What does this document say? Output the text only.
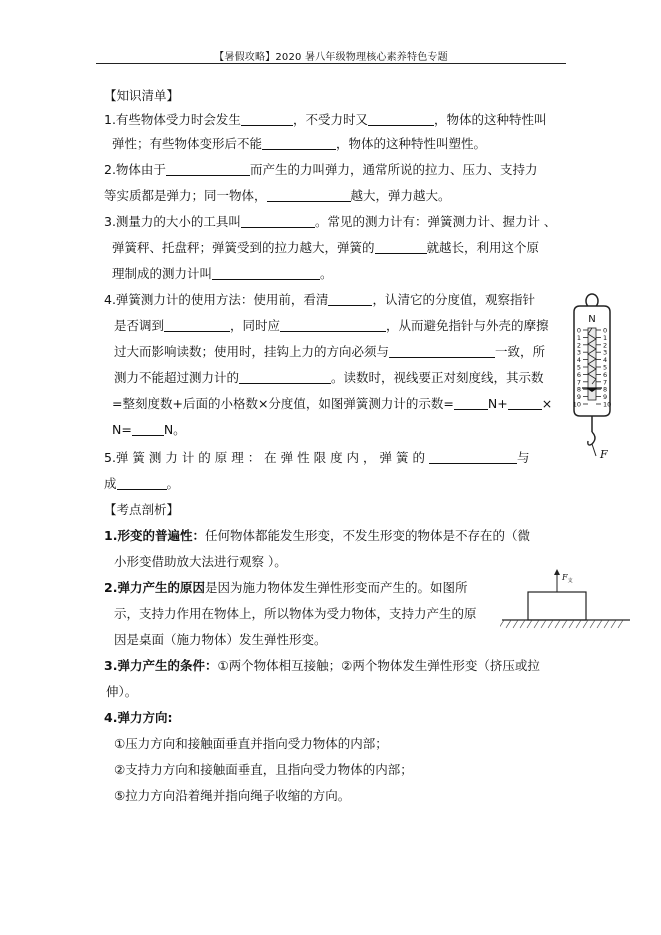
【暑假攻略】2020 暑八年级物理核心素养特色专题
【知识清单】
1.有些物体受力时会发生	，不受力时又	，物体的这种特性叫
弹性；有些物体变形后不能	，物体的这种特性叫塑性。
2.物体由于	而产生的力叫弹力，通常所说的拉力、压力、支持力
等实质都是弹力；同一物体，	越大，弹力越大。
3.测量力的大小的工具叫	。常见的测力计有：弹簧测力计、握力计 、
弹簧秤、托盘秤；弹簧受到的拉力越大，弹簧的	就越长，利用这个原
理制成的测力计叫	。
4.弹簧测力计的使用方法：使用前，看清	，认清它的分度值，观察指针
是否调到	，同时应	，从而避免指针与外壳的摩擦
过大而影响读数；使用时，挂钩上力的方向必须与	一致，所
测力不能超过测力计的	。读数时，视线要正对刻度线，其示数
=整刻度数+后面的小格数×分度值，如图弹簧测力计的示数=	N+	×
N=	N。
5.弹 簧 测 力 计 的 原 理 ： 在 弹 性 限 度 内 ， 弹 簧 的	与
成	。
【考点剖析】
1.形变的普遍性：任何物体都能发生形变，不发生形变的物体是不存在的（微
小形变借助放大法进行观察 ）。
2.弹力产生的原因是因为施力物体发生弹性形变而产生的。如图所
示，支持力作用在物体上，所以物体为受力物体，支持力产生的原
因是桌面（施力物体）发生弹性形变。
3.弹力产生的条件：①两个物体相互接触；②两个物体发生弹性形变（挤压或拉
伸）。
4.弹力方向:
①压力方向和接触面垂直并指向受力物体的内部；
②支持力方向和接触面垂直，且指向受力物体的内部；
⑤拉力方向沿着绳并指向绳子收缩的方向。
N
0
1
2
3
4
5
6
7
8
9
10
0
1
2
3
4
5
6
7
8
9
10
F
$F_支$
